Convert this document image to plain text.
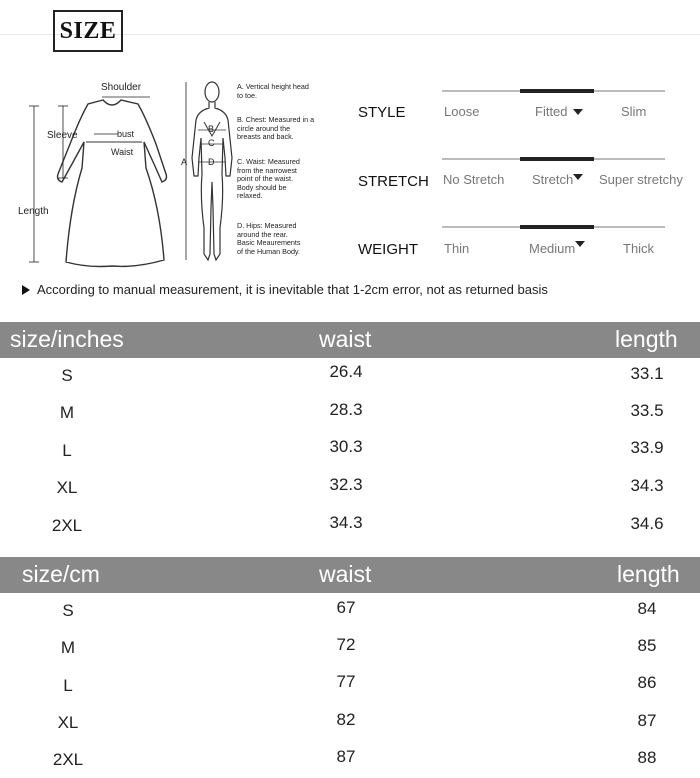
SIZE
Shoulder
Sleeve	bust
Waist
Length
A
B
C
D
A. Vertical height head
to toe.
B. Chest: Measured in a
circle around the
breasts and back.
C. Waist: Measured
from the narrowest
point of the waist.
Body should be
relaxed.
D. Hips: Measured
around the rear.
Basic Meaurements
of the Human Body.
STYLE	Loose	Fitted	Slim
STRETCH No Stretch Stretch Super stretchy
WEIGHT Thin	Medium	Thick
According to manual measurement, it is inevitable that 1-2cm error, not as returned basis
size/inches	waist	length
S	26.4	33.1
M	28.3	33.5
L	30.3	33.9
XL	32.3	34.3
2XL	34.3	34.6
size/cm	waist	length
S	67	84
M	72	85
L	77	86
XL	82	87
2XL	87	88
